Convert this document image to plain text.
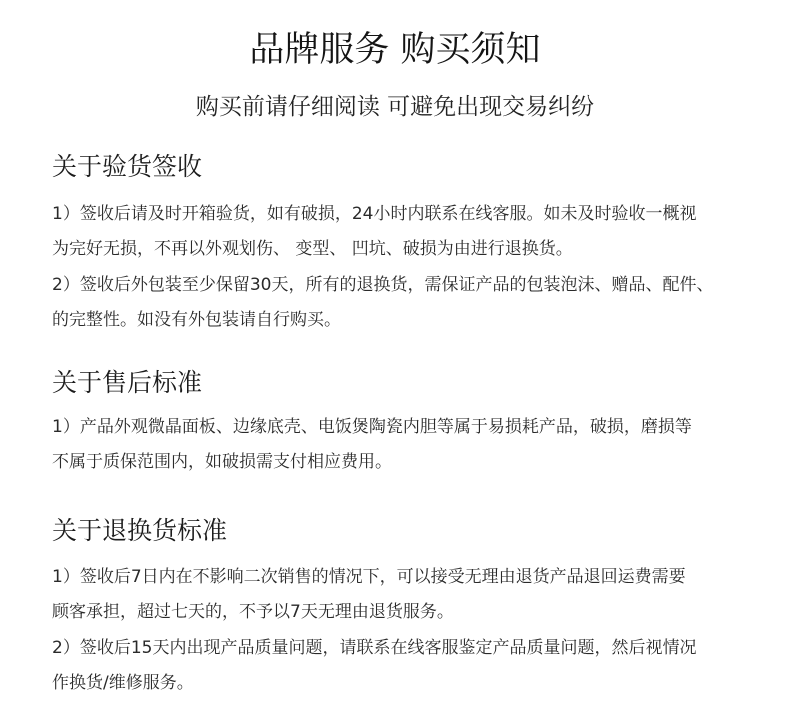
品牌服务 购买须知
购买前请仔细阅读 可避免出现交易纠纷
关于验货签收

1）签收后请及时开箱验货，如有破损，24小时内联系在线客服。如未及时验收一概视
为完好无损，不再以外观划伤、 变型、 凹坑、破损为由进行退换货。

2）签收后外包装至少保留30天，所有的退换货，需保证产品的包装泡沫、赠品、配件、
的完整性。如没有外包装请自行购买。

关于售后标准

1）产品外观微晶面板、边缘底壳、电饭煲陶瓷内胆等属于易损耗产品，破损，磨损等
不属于质保范围内，如破损需支付相应费用。

关于退换货标准

1）签收后7日内在不影响二次销售的情况下，可以接受无理由退货产品退回运费需要
顾客承担，超过七天的，不予以7天无理由退货服务。

2）签收后15天内出现产品质量问题，请联系在线客服鉴定产品质量问题，然后视情况
作换货/维修服务。
